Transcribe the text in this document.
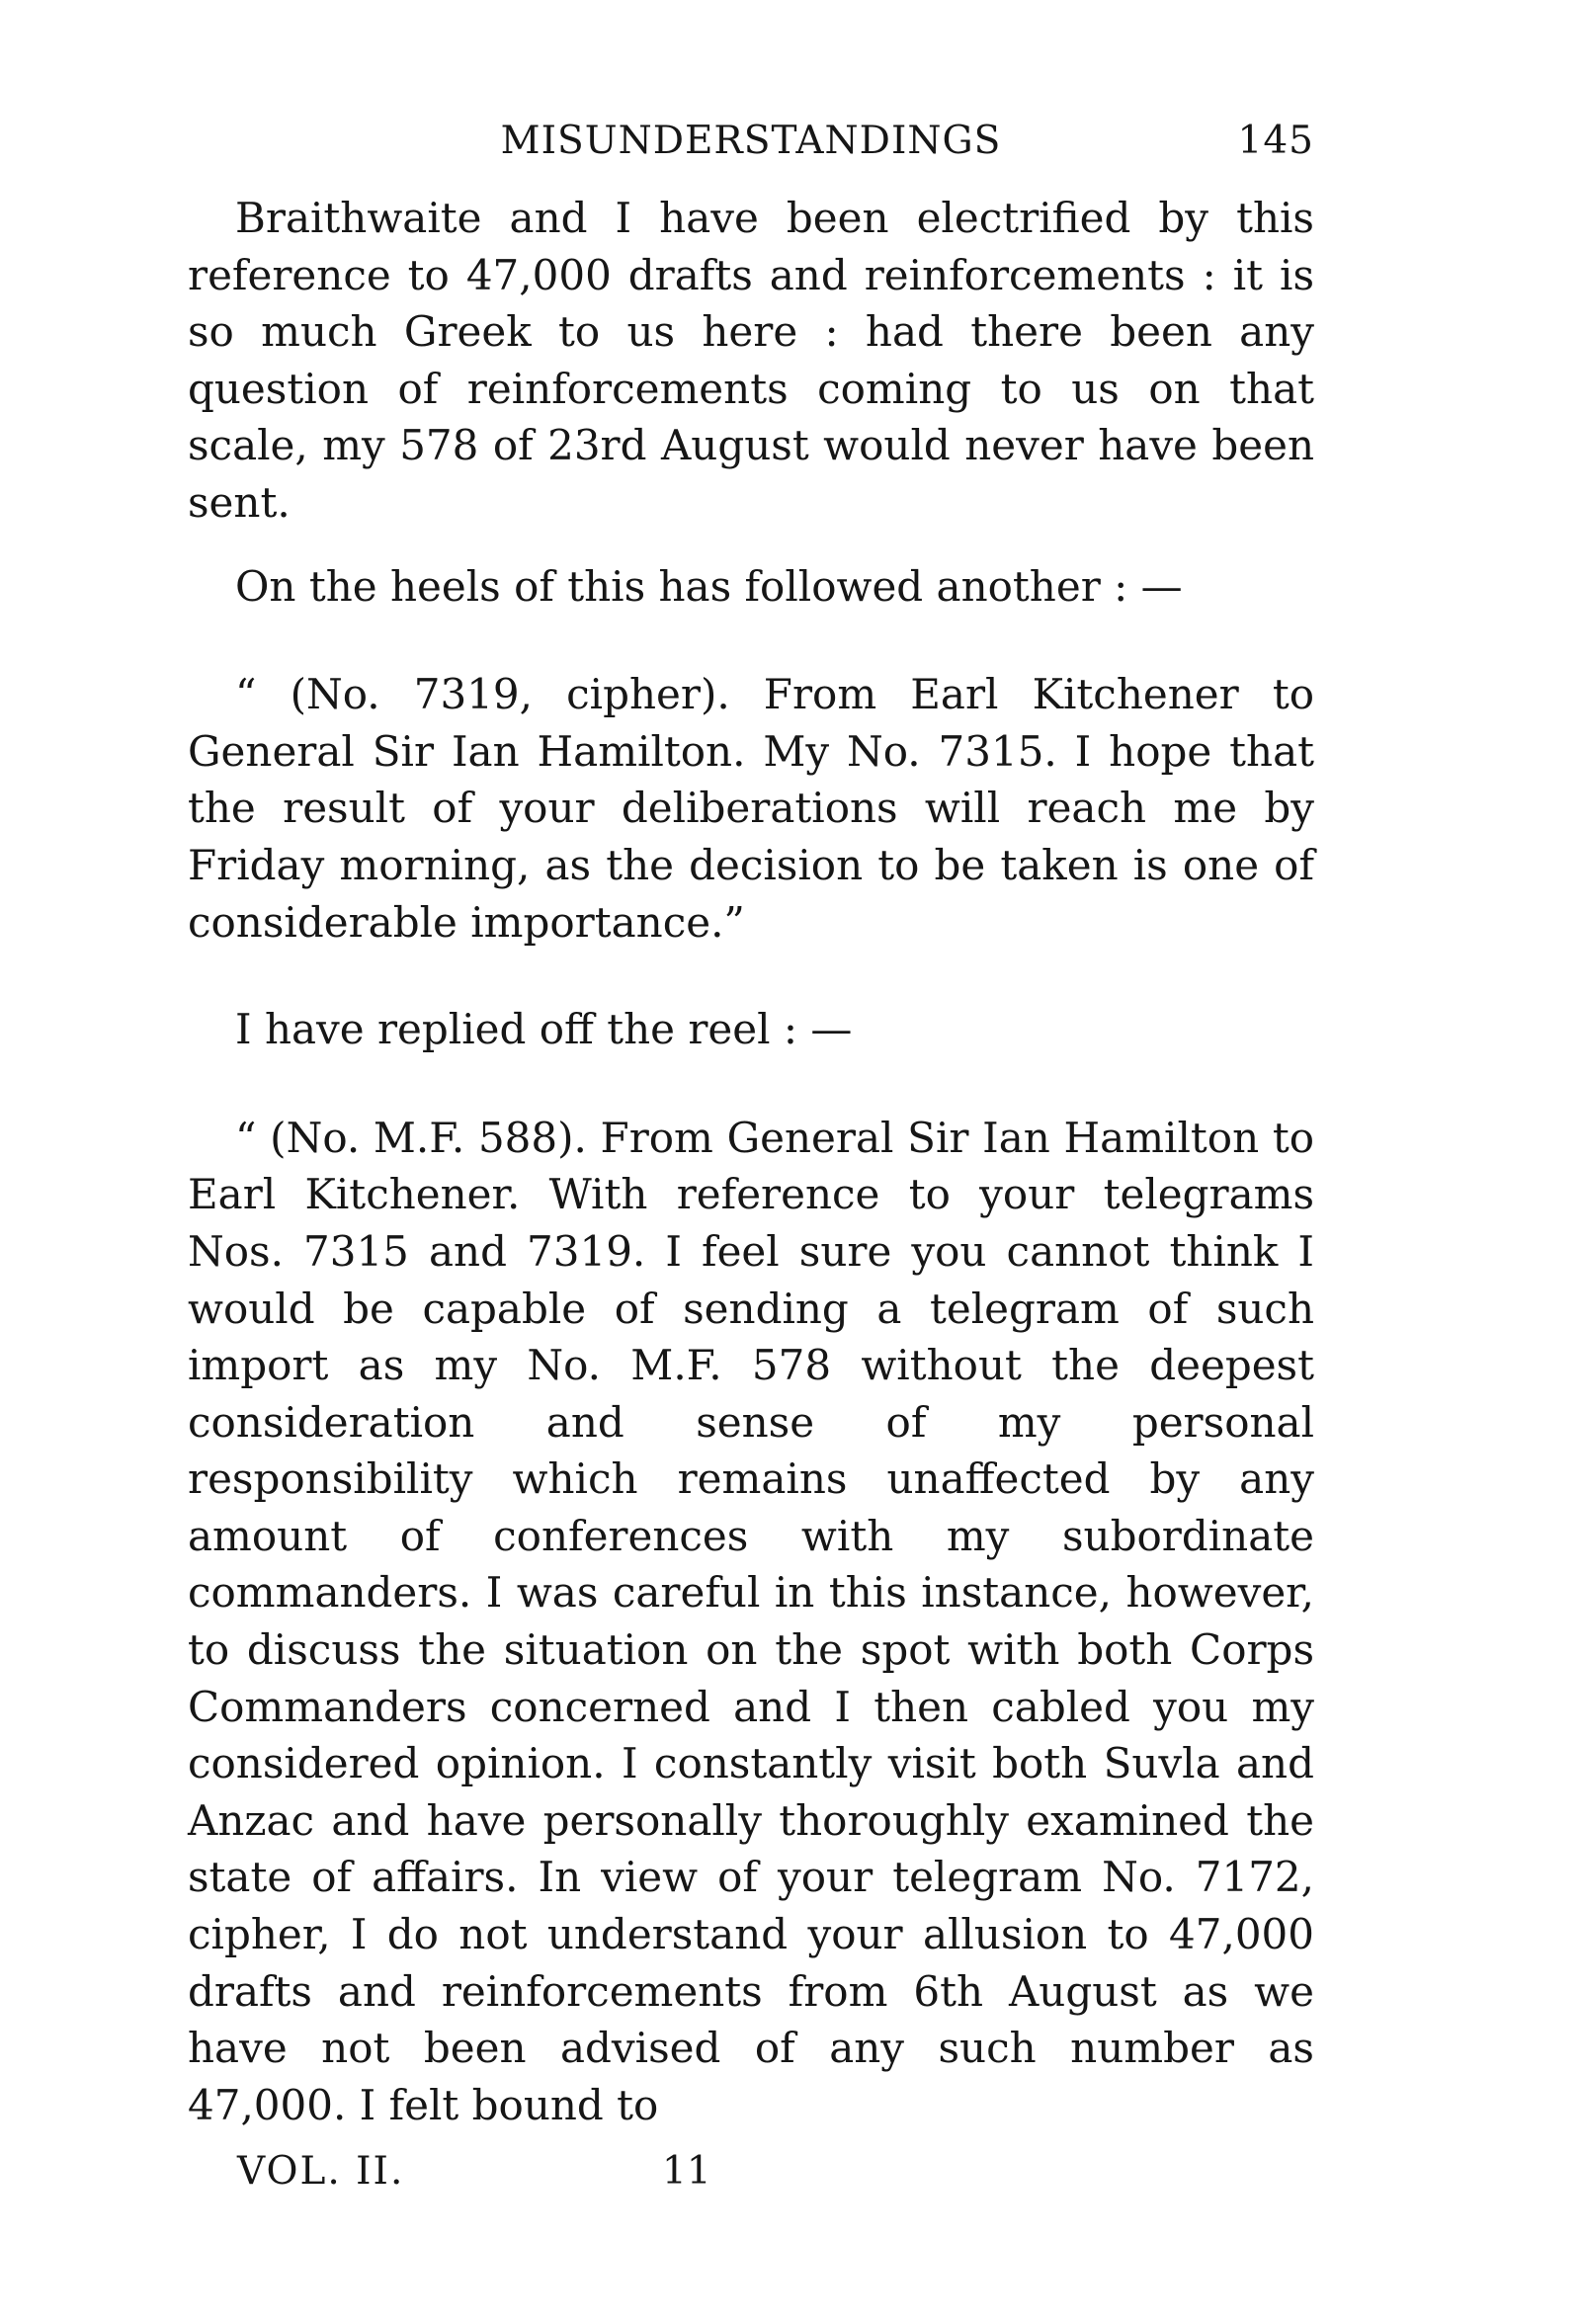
MISUNDERSTANDINGS	145

Braithwaite and I have been electrified by this reference to 47,000 drafts and reinforcements : it is so much Greek to us here : had there been any question of reinforcements coming to us on that scale, my 578 of 23rd August would never have been sent.

On the heels of this has followed another : —

“ (No. 7319, cipher). From Earl Kitchener to General Sir Ian Hamilton. My No. 7315. I hope that the result of your deliberations will reach me by Friday morning, as the decision to be taken is one of considerable importance.”

I have replied off the reel : —

“ (No. M.F. 588). From General Sir Ian Hamilton to Earl Kitchener. With reference to your telegrams Nos. 7315 and 7319. I feel sure you cannot think I would be capable of sending a telegram of such import as my No. M.F. 578 without the deepest consideration and sense of my personal responsibility which remains unaffected by any amount of conferences with my subordinate commanders. I was careful in this instance, however, to discuss the situation on the spot with both Corps Commanders concerned and I then cabled you my considered opinion. I constantly visit both Suvla and Anzac and have personally thoroughly examined the state of affairs. In view of your telegram No. 7172, cipher, I do not understand your allusion to 47,000 drafts and reinforcements from 6th August as we have not been advised of any such number as 47,000. I felt bound to

VOL. II.	11
